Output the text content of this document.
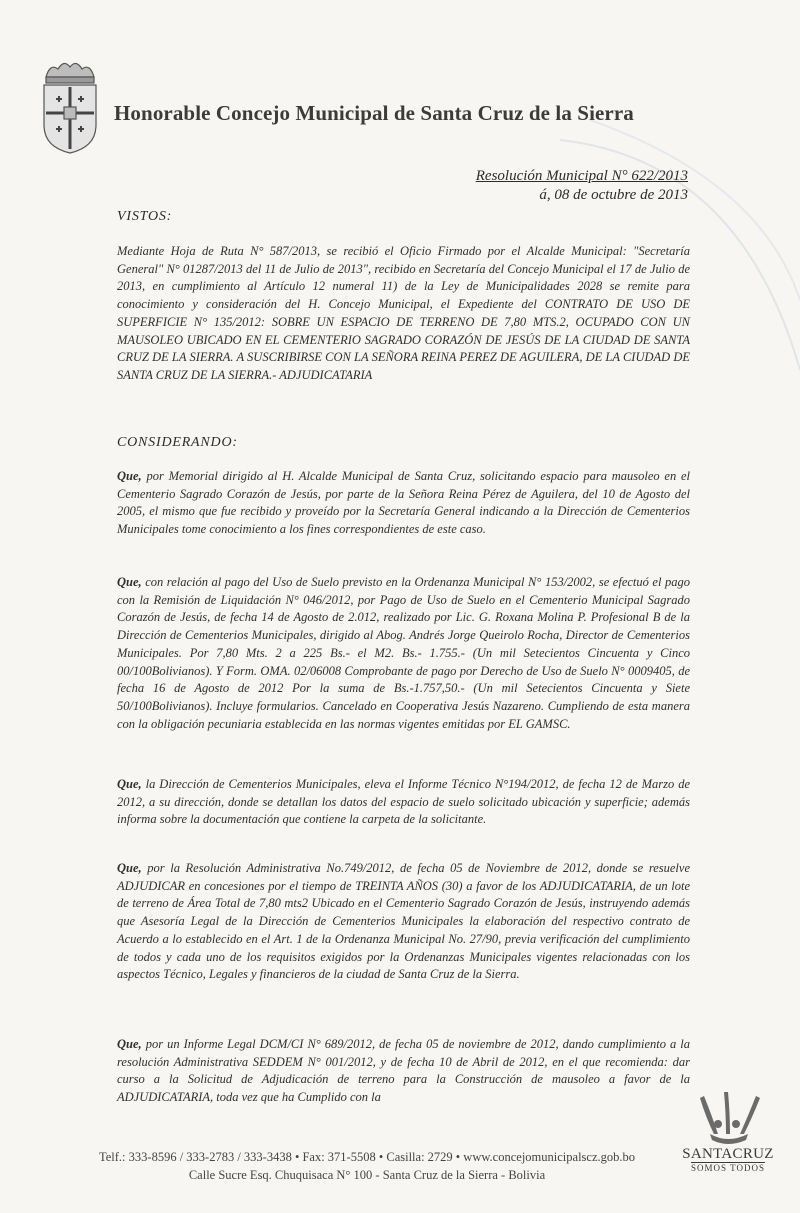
Honorable Concejo Municipal de Santa Cruz de la Sierra
Resolución Municipal N° 622/2013
á, 08 de octubre de 2013
VISTOS:
Mediante Hoja de Ruta N° 587/2013, se recibió el Oficio Firmado por el Alcalde Municipal: "Secretaría General" N° 01287/2013 del 11 de Julio de 2013", recibido en Secretaría del Concejo Municipal el 17 de Julio de 2013, en cumplimiento al Artículo 12 numeral 11) de la Ley de Municipalidades 2028 se remite para conocimiento y consideración del H. Concejo Municipal, el Expediente del CONTRATO DE USO DE SUPERFICIE N° 135/2012: SOBRE UN ESPACIO DE TERRENO DE 7,80 MTS.2, OCUPADO CON UN MAUSOLEO UBICADO EN EL CEMENTERIO SAGRADO CORAZÓN DE JESÚS DE LA CIUDAD DE SANTA CRUZ DE LA SIERRA. A SUSCRIBIRSE CON LA SEÑORA REINA PEREZ DE AGUILERA, DE LA CIUDAD DE SANTA CRUZ DE LA SIERRA.- ADJUDICATARIA
CONSIDERANDO:
Que, por Memorial dirigido al H. Alcalde Municipal de Santa Cruz, solicitando espacio para mausoleo en el Cementerio Sagrado Corazón de Jesús, por parte de la Señora Reina Pérez de Aguilera, del 10 de Agosto del 2005, el mismo que fue recibido y proveído por la Secretaría General indicando a la Dirección de Cementerios Municipales tome conocimiento a los fines correspondientes de este caso.
Que, con relación al pago del Uso de Suelo previsto en la Ordenanza Municipal N° 153/2002, se efectuó el pago con la Remisión de Liquidación N° 046/2012, por Pago de Uso de Suelo en el Cementerio Municipal Sagrado Corazón de Jesús, de fecha 14 de Agosto de 2.012, realizado por Lic. G. Roxana Molina P. Profesional B de la Dirección de Cementerios Municipales, dirigido al Abog. Andrés Jorge Queirolo Rocha, Director de Cementerios Municipales. Por 7,80 Mts. 2 a 225 Bs.- el M2. Bs.- 1.755.- (Un mil Setecientos Cincuenta y Cinco 00/100Bolivianos). Y Form. OMA. 02/06008 Comprobante de pago por Derecho de Uso de Suelo N° 0009405, de fecha 16 de Agosto de 2012 Por la suma de Bs.-1.757,50.- (Un mil Setecientos Cincuenta y Siete 50/100Bolivianos). Incluye formularios. Cancelado en Cooperativa Jesús Nazareno. Cumpliendo de esta manera con la obligación pecuniaria establecida en las normas vigentes emitidas por EL GAMSC.
Que, la Dirección de Cementerios Municipales, eleva el Informe Técnico N°194/2012, de fecha 12 de Marzo de 2012, a su dirección, donde se detallan los datos del espacio de suelo solicitado ubicación y superficie; además informa sobre la documentación que contiene la carpeta de la solicitante.
Que, por la Resolución Administrativa No.749/2012, de fecha 05 de Noviembre de 2012, donde se resuelve ADJUDICAR en concesiones por el tiempo de TREINTA AÑOS (30) a favor de los ADJUDICATARIA, de un lote de terreno de Área Total de 7,80 mts2 Ubicado en el Cementerio Sagrado Corazón de Jesús, instruyendo además que Asesoría Legal de la Dirección de Cementerios Municipales la elaboración del respectivo contrato de Acuerdo a lo establecido en el Art. 1 de la Ordenanza Municipal No. 27/90, previa verificación del cumplimiento de todos y cada uno de los requisitos exigidos por la Ordenanzas Municipales vigentes relacionadas con los aspectos Técnico, Legales y financieros de la ciudad de Santa Cruz de la Sierra.
Que, por un Informe Legal DCM/CI N° 689/2012, de fecha 05 de noviembre de 2012, dando cumplimiento a la resolución Administrativa SEDDEM N° 001/2012, y de fecha 10 de Abril de 2012, en el que recomienda: dar curso a la Solicitud de Adjudicación de terreno para la Construcción de mausoleo a favor de la ADJUDICATARIA, toda vez que ha Cumplido con la
Telf.: 333-8596 / 333-2783 / 333-3438 • Fax: 371-5508 • Casilla: 2729 • www.concejomunicipalscz.gob.bo
Calle Sucre Esq. Chuquisaca N° 100 - Santa Cruz de la Sierra - Bolivia
SANTACRUZ
SOMOS TODOS
